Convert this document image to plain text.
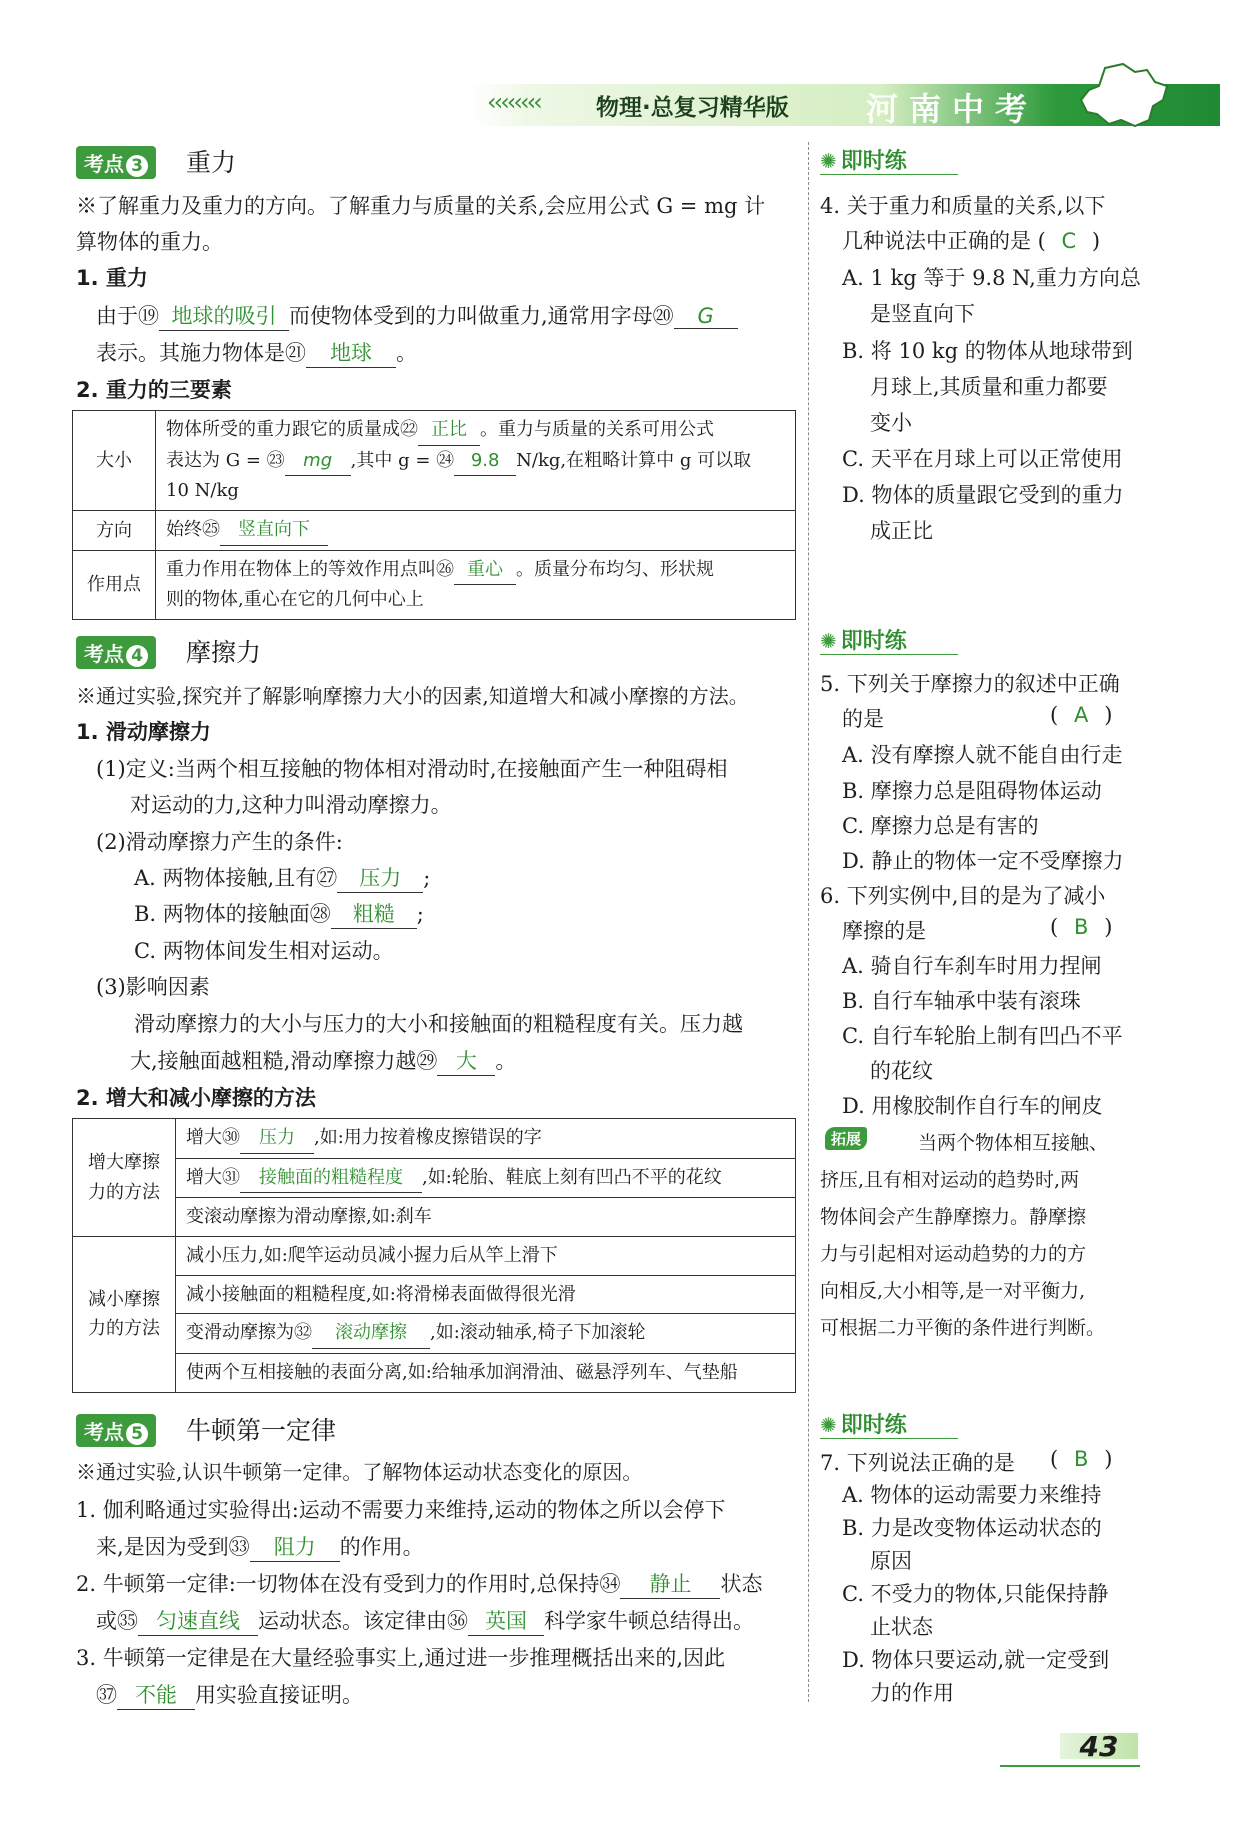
‹‹‹‹‹‹‹‹ 物理·总复习精华版 河南中考
考点 3	重力
※了解重力及重力的方向。了解重力与质量的关系,会应用公式 G = mg 计
算物体的重力。
1. 重力
由于⑲ 地球的吸引 而使物体受到的力叫做重力,通常用字母⑳ G
表示。其施力物体是㉑ 地球 。
2. 重力的三要素
大小	物体所受的重力跟它的质量成㉒ 正比 。重力与质量的关系可用公式
表达为 G = ㉓ mg ,其中 g = ㉔ 9.8 N/kg,在粗略计算中 g 可以取
10 N/kg
方向	始终㉕ 竖直向下
作用点	重力作用在物体上的等效作用点叫㉖ 重心 。质量分布均匀、形状规
则的物体,重心在它的几何中心上
考点 4	摩擦力
※通过实验,探究并了解影响摩擦力大小的因素,知道增大和减小摩擦的方法。
1. 滑动摩擦力
(1)定义:当两个相互接触的物体相对滑动时,在接触面产生一种阻碍相
对运动的力,这种力叫滑动摩擦力。
(2)滑动摩擦力产生的条件:
A. 两物体接触,且有㉗ 压力 ;
B. 两物体的接触面㉘ 粗糙 ;
C. 两物体间发生相对运动。
(3)影响因素
滑动摩擦力的大小与压力的大小和接触面的粗糙程度有关。压力越
大,接触面越粗糙,滑动摩擦力越㉙ 大 。
2. 增大和减小摩擦的方法
增大摩擦力的方法	增大㉚ 压力 ,如:用力按着橡皮擦错误的字
	增大㉛ 接触面的粗糙程度 ,如:轮胎、鞋底上刻有凹凸不平的花纹
	变滚动摩擦为滑动摩擦,如:刹车
减小摩擦力的方法	减小压力,如:爬竿运动员减小握力后从竿上滑下
	减小接触面的粗糙程度,如:将滑梯表面做得很光滑
	变滑动摩擦为㉜ 滚动摩擦 ,如:滚动轴承,椅子下加滚轮
	使两个互相接触的表面分离,如:给轴承加润滑油、磁悬浮列车、气垫船
考点 5	牛顿第一定律
※通过实验,认识牛顿第一定律。了解物体运动状态变化的原因。
1. 伽利略通过实验得出:运动不需要力来维持,运动的物体之所以会停下
来,是因为受到㉝ 阻力 的作用。
2. 牛顿第一定律:一切物体在没有受到力的作用时,总保持㉞ 静止 状态
或㉟ 匀速直线 运动状态。该定律由㊱ 英国 科学家牛顿总结得出。
3. 牛顿第一定律是在大量经验事实上,通过进一步推理概括出来的,因此
㊲ 不能 用实验直接证明。
✺ 即时练
4. 关于重力和质量的关系,以下
几种说法中正确的是 ( C )
A. 1 kg 等于 9.8 N,重力方向总
是竖直向下
B. 将 10 kg 的物体从地球带到
月球上,其质量和重力都要
变小
C. 天平在月球上可以正常使用
D. 物体的质量跟它受到的重力
成正比
✺ 即时练
5. 下列关于摩擦力的叙述中正确
的是	( A )
A. 没有摩擦人就不能自由行走
B. 摩擦力总是阻碍物体运动
C. 摩擦力总是有害的
D. 静止的物体一定不受摩擦力
6. 下列实例中,目的是为了减小
摩擦的是	( B )
A. 骑自行车刹车时用力捏闸
B. 自行车轴承中装有滚珠
C. 自行车轮胎上制有凹凸不平
的花纹
D. 用橡胶制作自行车的闸皮
拓展	当两个物体相互接触、
挤压,且有相对运动的趋势时,两
物体间会产生静摩擦力。静摩擦
力与引起相对运动趋势的力的方
向相反,大小相等,是一对平衡力,
可根据二力平衡的条件进行判断。
✺ 即时练
7. 下列说法正确的是 ( B )
A. 物体的运动需要力来维持
B. 力是改变物体运动状态的
原因
C. 不受力的物体,只能保持静
止状态
D. 物体只要运动,就一定受到
力的作用
43
